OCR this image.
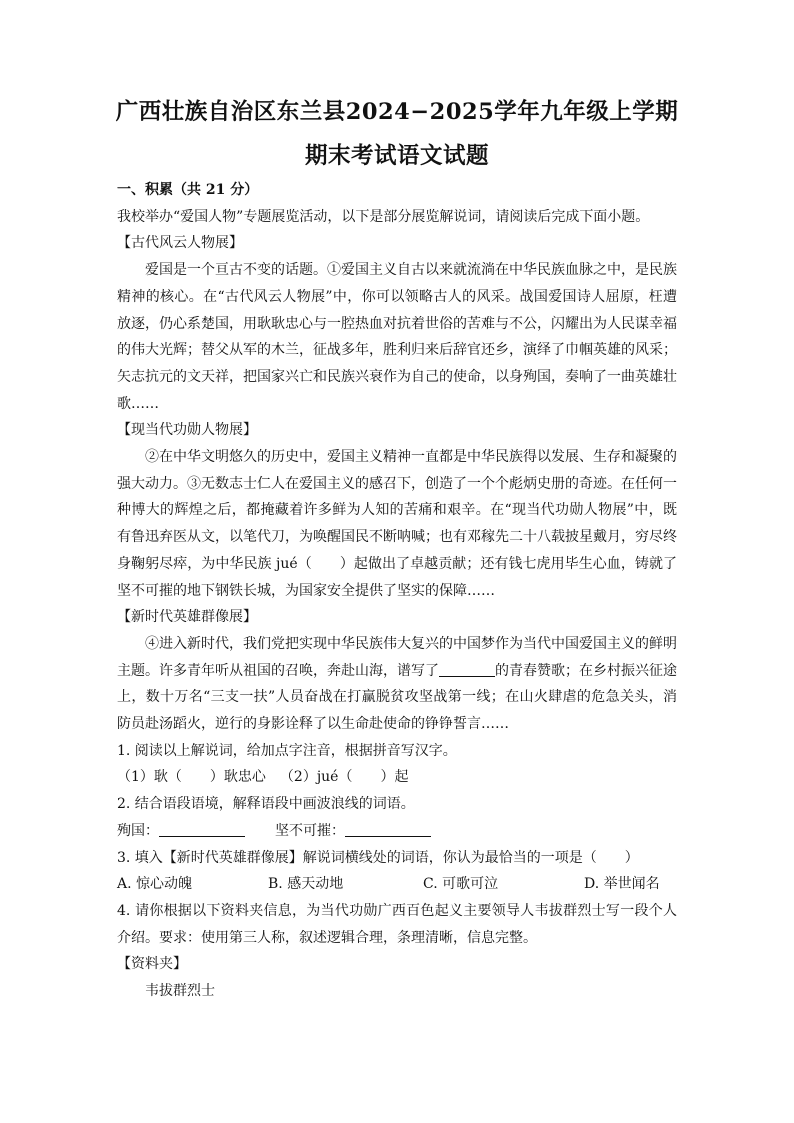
广西壮族自治区东兰县2024−2025学年九年级上学期
期末考试语文试题

一、积累（共 21 分）

我校举办“爱国人物”专题展览活动，以下是部分展览解说词，请阅读后完成下面小题。

【古代风云人物展】

爱国是一个亘古不变的话题。①爱国主义自古以来就流淌在中华民族血脉之中，是民族精神的核心。在“古代风云人物展”中，你可以领略古人的风采。战国爱国诗人屈原，枉遭放逐，仍心系楚国，用耿耿忠心与一腔热血对抗着世俗的苦难与不公，闪耀出为人民谋幸福的伟大光辉；替父从军的木兰，征战多年，胜利归来后辞官还乡，演绎了巾帼英雄的风采；矢志抗元的文天祥，把国家兴亡和民族兴衰作为自己的使命，以身殉国，奏响了一曲英雄壮歌……

【现当代功勋人物展】

②在中华文明悠久的历史中，爱国主义精神一直都是中华民族得以发展、生存和凝聚的强大动力。③无数志士仁人在爱国主义的感召下，创造了一个个彪炳史册的奇迹。在任何一种博大的辉煌之后，都掩藏着许多鲜为人知的苦痛和艰辛。在“现当代功勋人物展”中，既有鲁迅弃医从文，以笔代刀，为唤醒国民不断呐喊；也有邓稼先二十八载披星戴月，穷尽终身鞠躬尽瘁，为中华民族 jué（　　）起做出了卓越贡献；还有钱七虎用毕生心血，铸就了坚不可摧的地下钢铁长城，为国家安全提供了坚实的保障……

【新时代英雄群像展】

④进入新时代，我们党把实现中华民族伟大复兴的中国梦作为当代中国爱国主义的鲜明主题。许多青年听从祖国的召唤，奔赴山海，谱写了	的青春赞歌；在乡村振兴征途上，数十万名“三支一扶”人员奋战在打赢脱贫攻坚战第一线；在山火肆虐的危急关头，消防员赴汤蹈火，逆行的身影诠释了以生命赴使命的铮铮誓言……

1. 阅读以上解说词，给加点字注音，根据拼音写汉字。

（1）耿（　　）耿忠心 （2）jué（　　）起

2. 结合语段语境，解释语段中画波浪线的词语。

殉国：	坚不可摧：

3. 填入【新时代英雄群像展】解说词横线处的词语，你认为最恰当的一项是（　　）

A. 惊心动魄	B. 感天动地	C. 可歌可泣	D. 举世闻名

4. 请你根据以下资料夹信息，为当代功勋广西百色起义主要领导人韦拔群烈士写一段个人介绍。要求：使用第三人称，叙述逻辑合理，条理清晰，信息完整。

【资料夹】

韦拔群烈士
